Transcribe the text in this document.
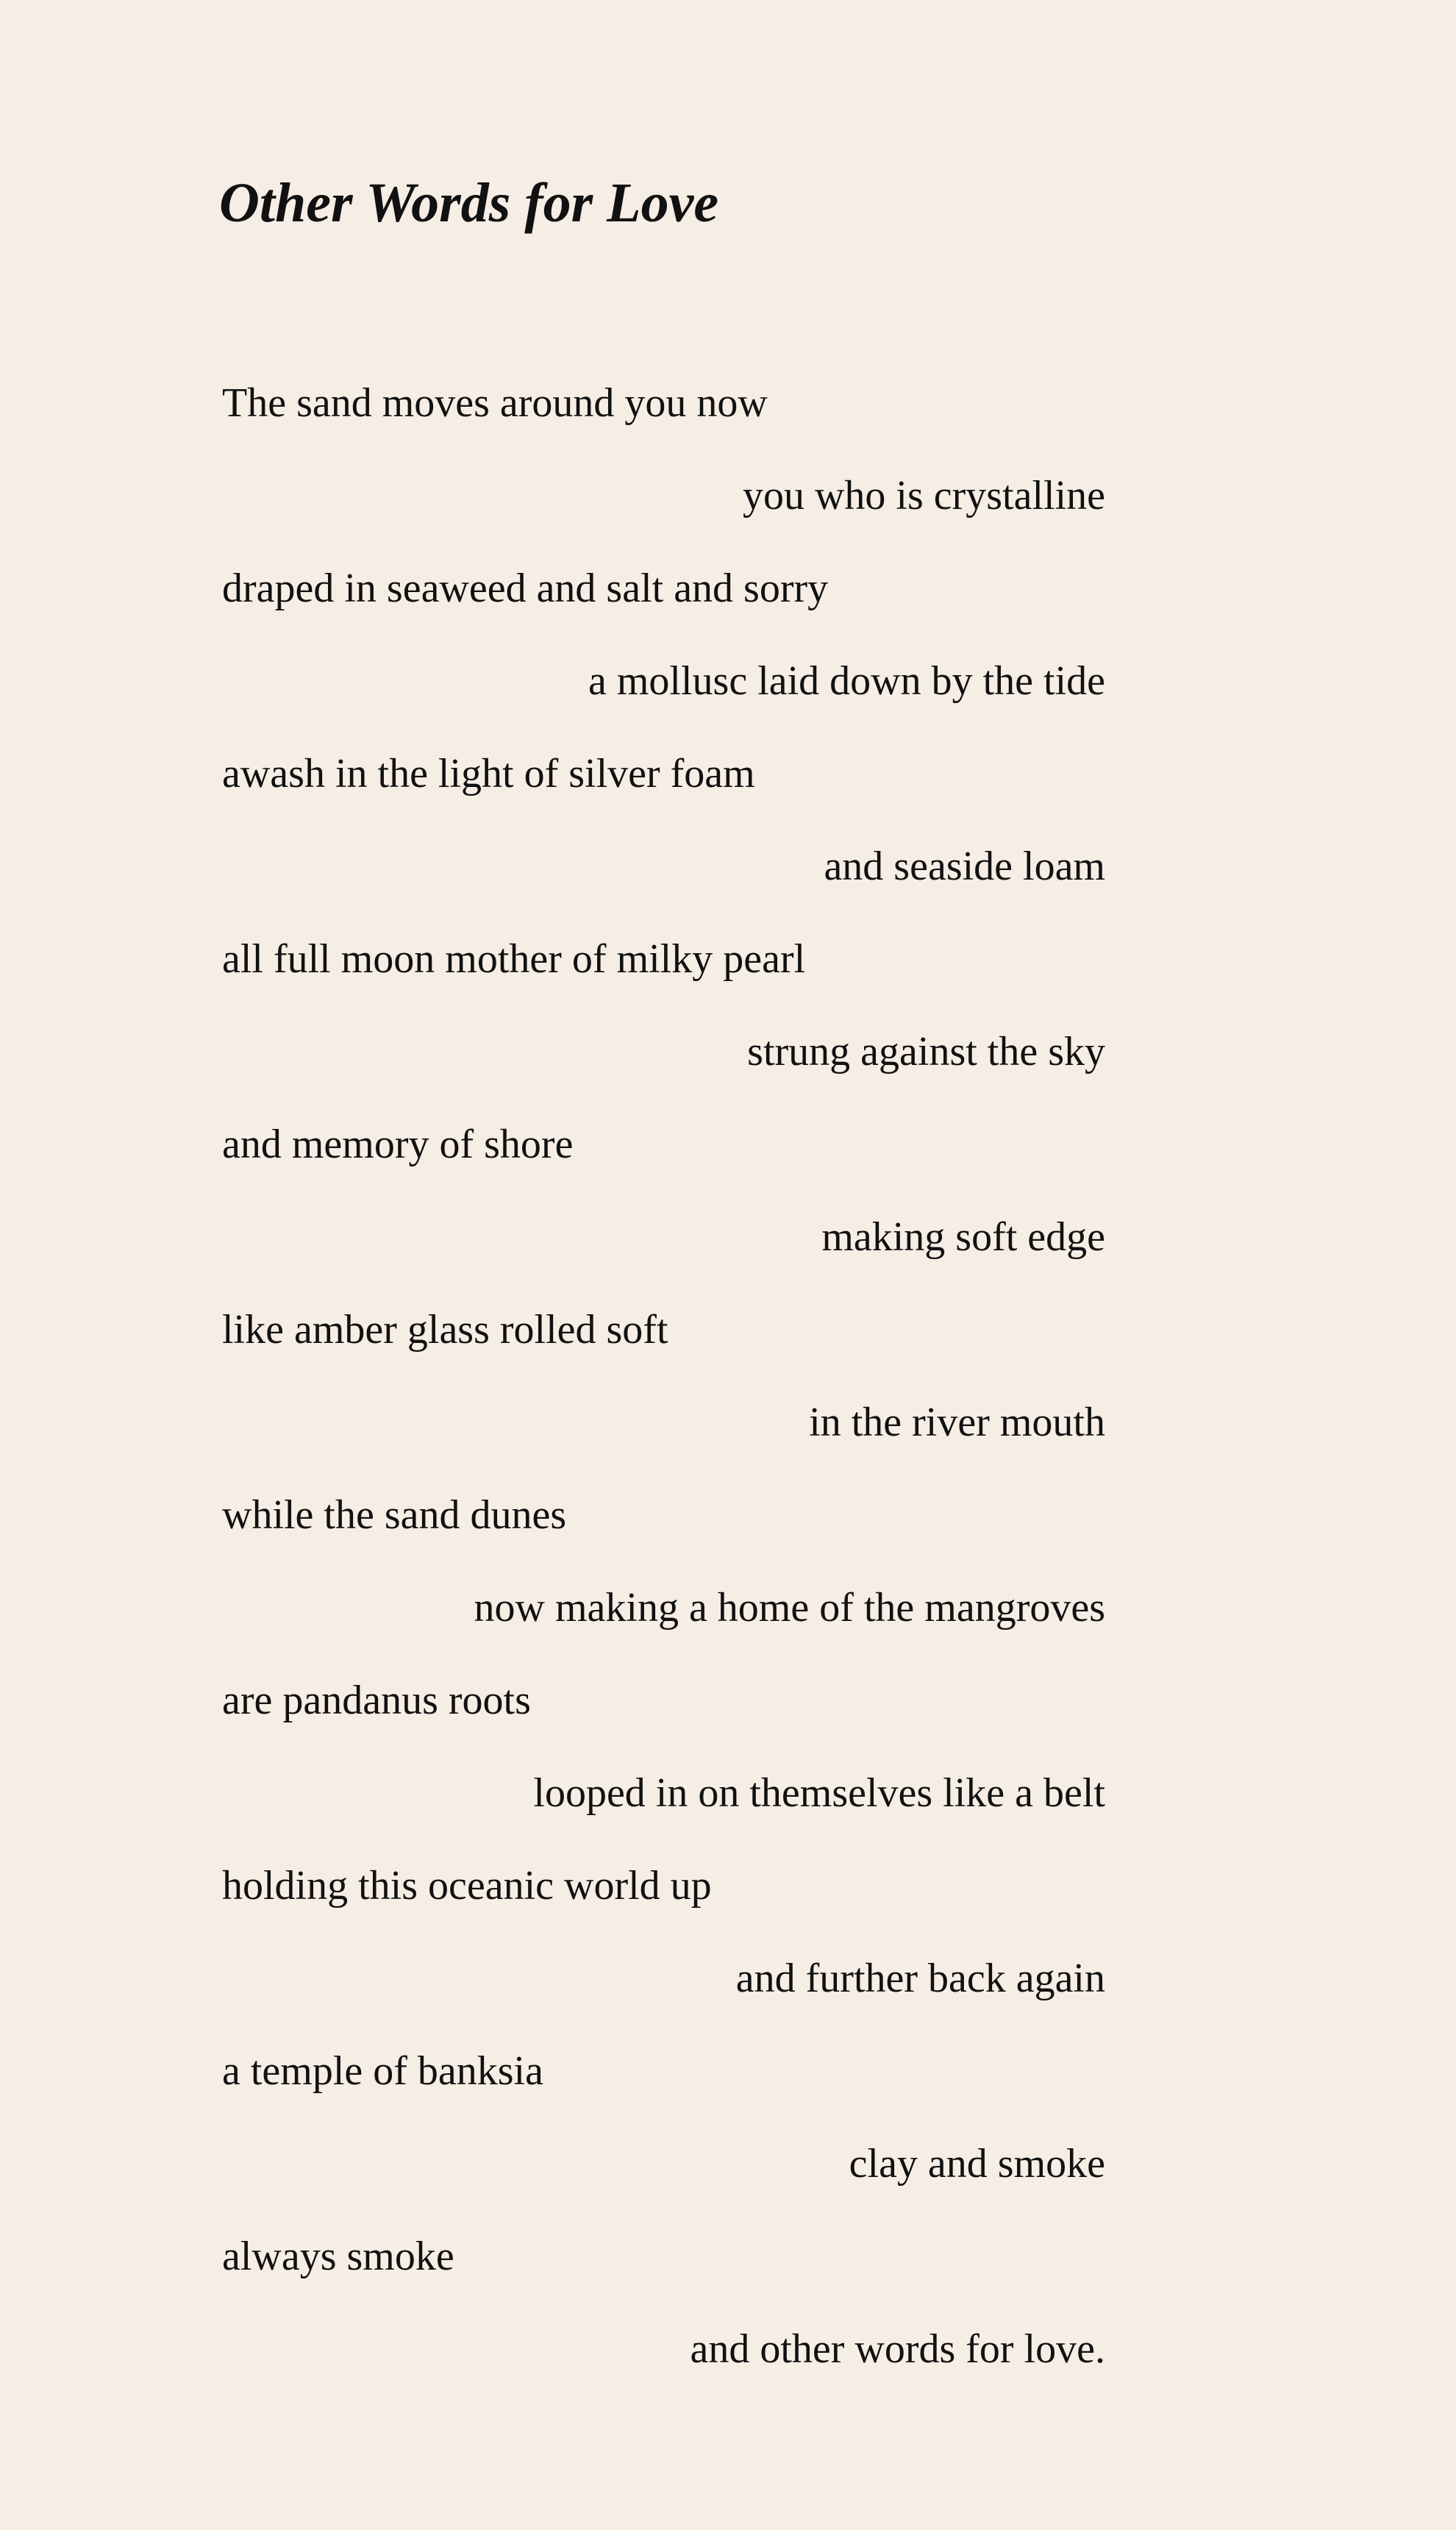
Other Words for Love
The sand moves around you now
you who is crystalline
draped in seaweed and salt and sorry
a mollusc laid down by the tide
awash in the light of silver foam
and seaside loam
all full moon mother of milky pearl
strung against the sky
and memory of shore
making soft edge
like amber glass rolled soft
in the river mouth
while the sand dunes
now making a home of the mangroves
are pandanus roots
looped in on themselves like a belt
holding this oceanic world up
and further back again
a temple of banksia
clay and smoke
always smoke
and other words for love.
